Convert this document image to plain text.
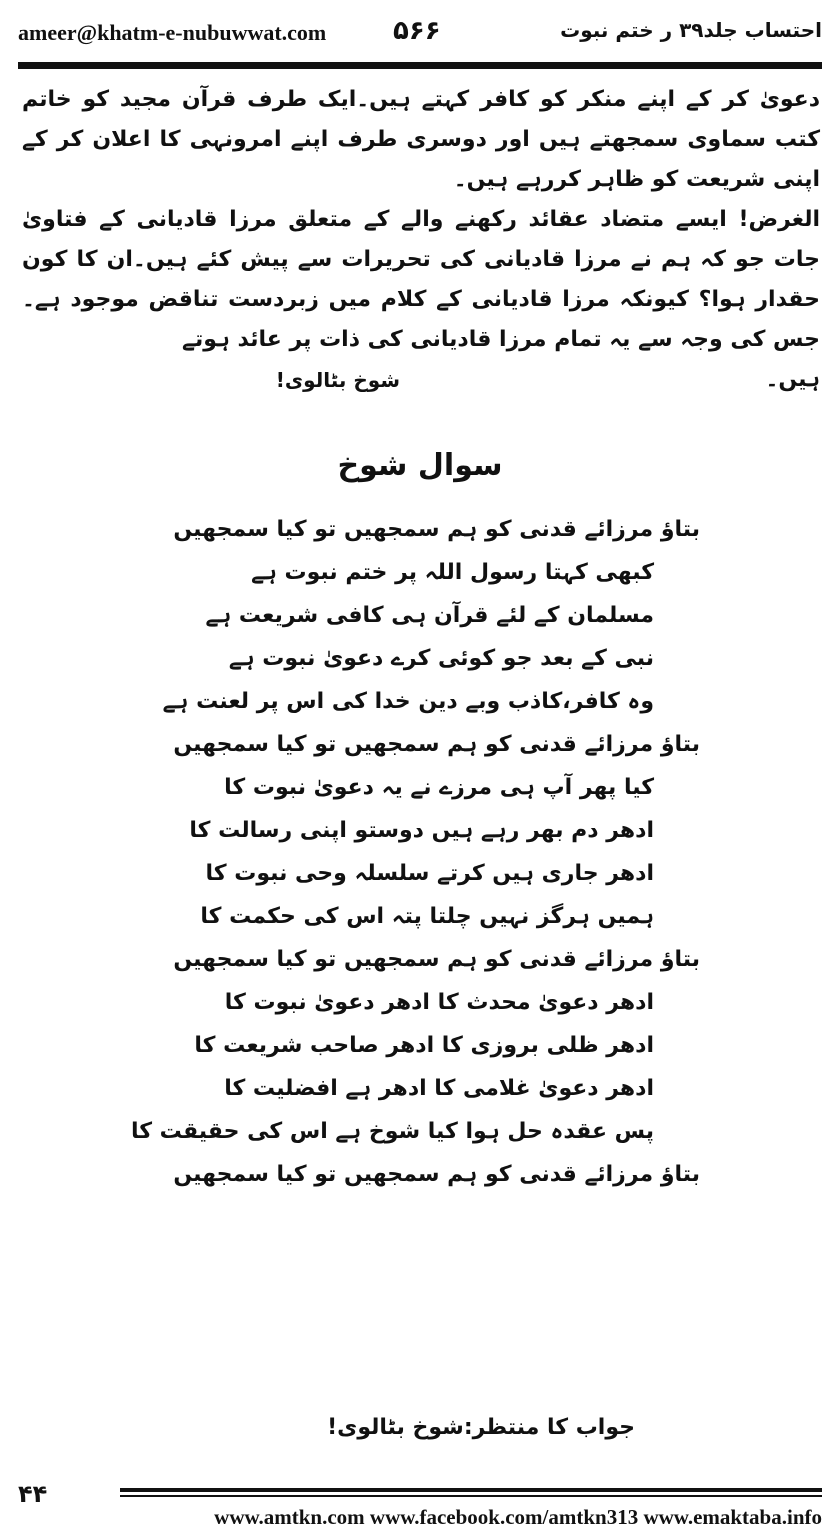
ameer@khatm-e-nubuwwat.com	۵۶۶	احتساب جلد۳۹ ر ختم نبوت

دعویٰ کر کے اپنے منکر کو کافر کہتے ہیں۔ایک طرف قرآن مجید کو خاتم کتب سماوی سمجھتے ہیں اور دوسری طرف اپنے امرونہی کا اعلان کر کے اپنی شریعت کو ظاہر کررہے ہیں۔

الغرض! ایسے متضاد عقائد رکھنے والے کے متعلق مرزا قادیانی کے فتاویٰ جات جو کہ ہم نے مرزا قادیانی کی تحریرات سے پیش کئے ہیں۔ان کا کون حقدار ہوا؟ کیونکہ مرزا قادیانی کے کلام میں زبردست تناقض موجود ہے۔جس کی وجہ سے یہ تمام مرزا قادیانی کی ذات پر عائد ہوتے

ہیں۔
شوخ بٹالوی!
سوال شوخ
بتاؤ مرزائے قدنی کو ہم سمجھیں تو کیا سمجھیں
کبھی کہتا رسول اللہ پر ختم نبوت ہے
مسلمان کے لئے قرآن ہی کافی شریعت ہے
نبی کے بعد جو کوئی کرے دعویٰ نبوت ہے
وہ کافر،کاذب وبے دین خدا کی اس پر لعنت ہے
بتاؤ مرزائے قدنی کو ہم سمجھیں تو کیا سمجھیں
کیا پھر آپ ہی مرزے نے یہ دعویٰ نبوت کا
ادھر دم بھر رہے ہیں دوستو اپنی رسالت کا
ادھر جاری ہیں کرتے سلسلہ وحی نبوت کا
ہمیں ہرگز نہیں چلتا پتہ اس کی حکمت کا
بتاؤ مرزائے قدنی کو ہم سمجھیں تو کیا سمجھیں
ادھر دعویٰ محدث کا ادھر دعویٰ نبوت کا
ادھر ظلی بروزی کا ادھر صاحب شریعت کا
ادھر دعویٰ غلامی کا ادھر ہے افضلیت کا
پس عقدہ حل ہوا کیا شوخ ہے اس کی حقیقت کا
بتاؤ مرزائے قدنی کو ہم سمجھیں تو کیا سمجھیں
جواب کا منتظر:شوخ بٹالوی!
۴۴
www.amtkn.com www.facebook.com/amtkn313 www.emaktaba.info
